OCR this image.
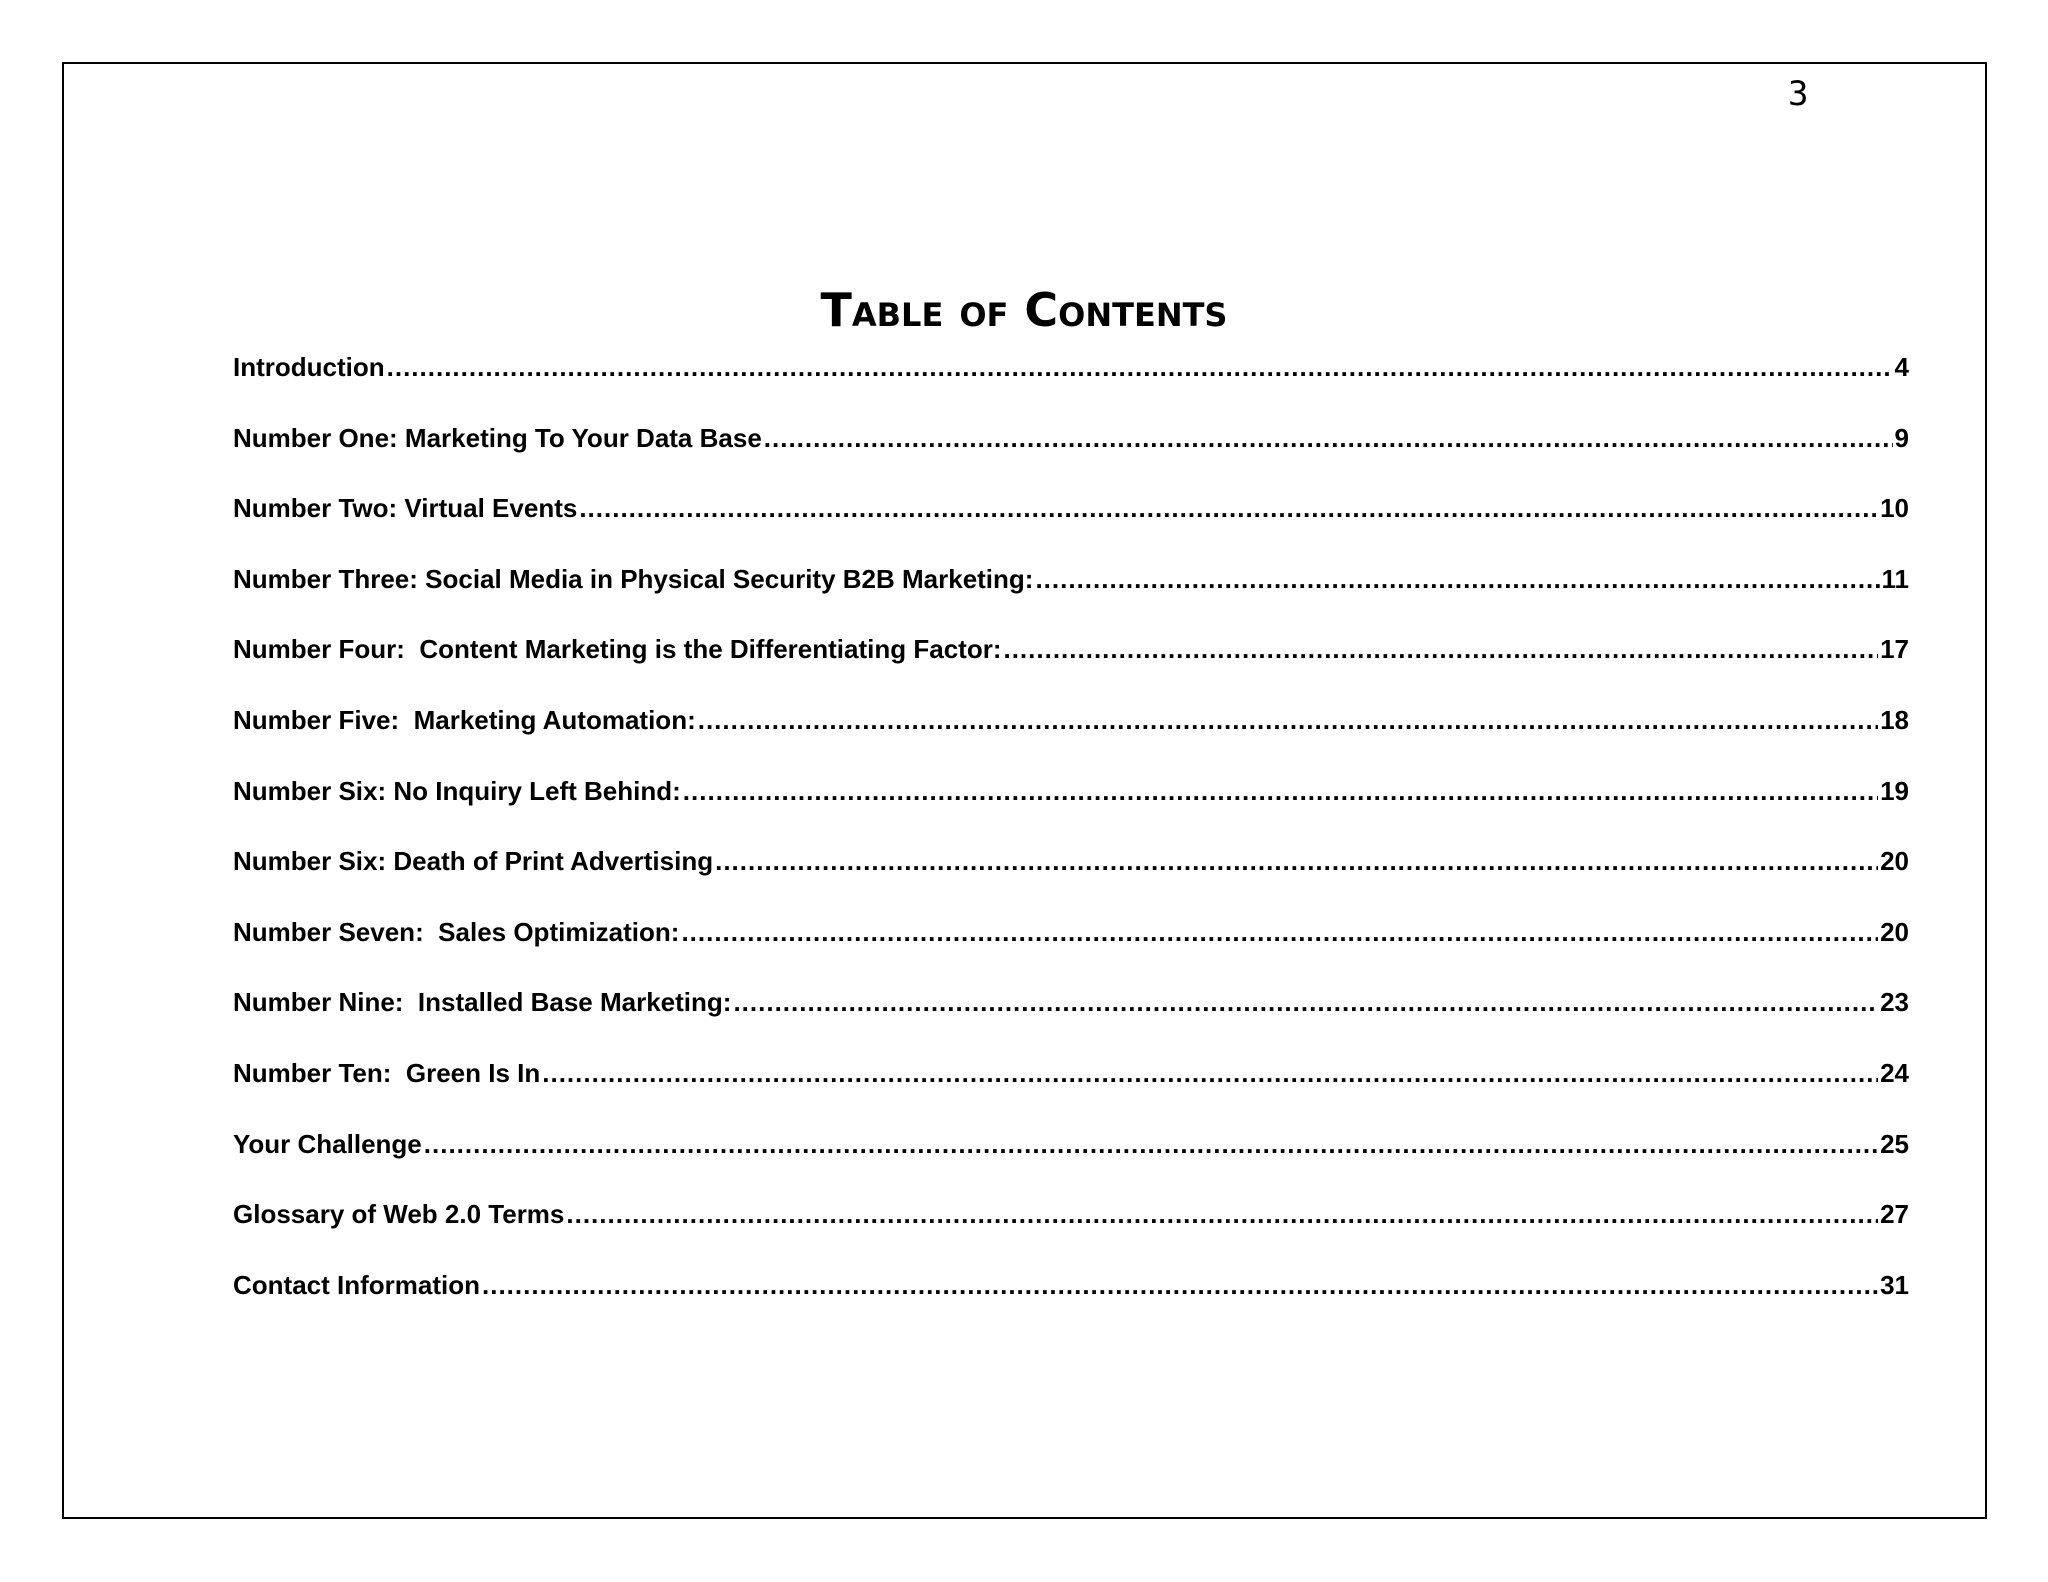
3
Table of Contents
Introduction .....	4
Number One: Marketing To Your Data Base .....	9
Number Two: Virtual Events .....	10
Number Three: Social Media in Physical Security B2B Marketing: .....	11
Number Four:  Content Marketing is the Differentiating Factor: .....	17
Number Five:  Marketing Automation: .....	18
Number Six: No Inquiry Left Behind: .....	19
Number Six: Death of Print Advertising .....	20
Number Seven:  Sales Optimization: .....	20
Number Nine:  Installed Base Marketing: .....	23
Number Ten:  Green Is In .....	24
Your Challenge .....	25
Glossary of Web 2.0 Terms .....	27
Contact Information .....	31
